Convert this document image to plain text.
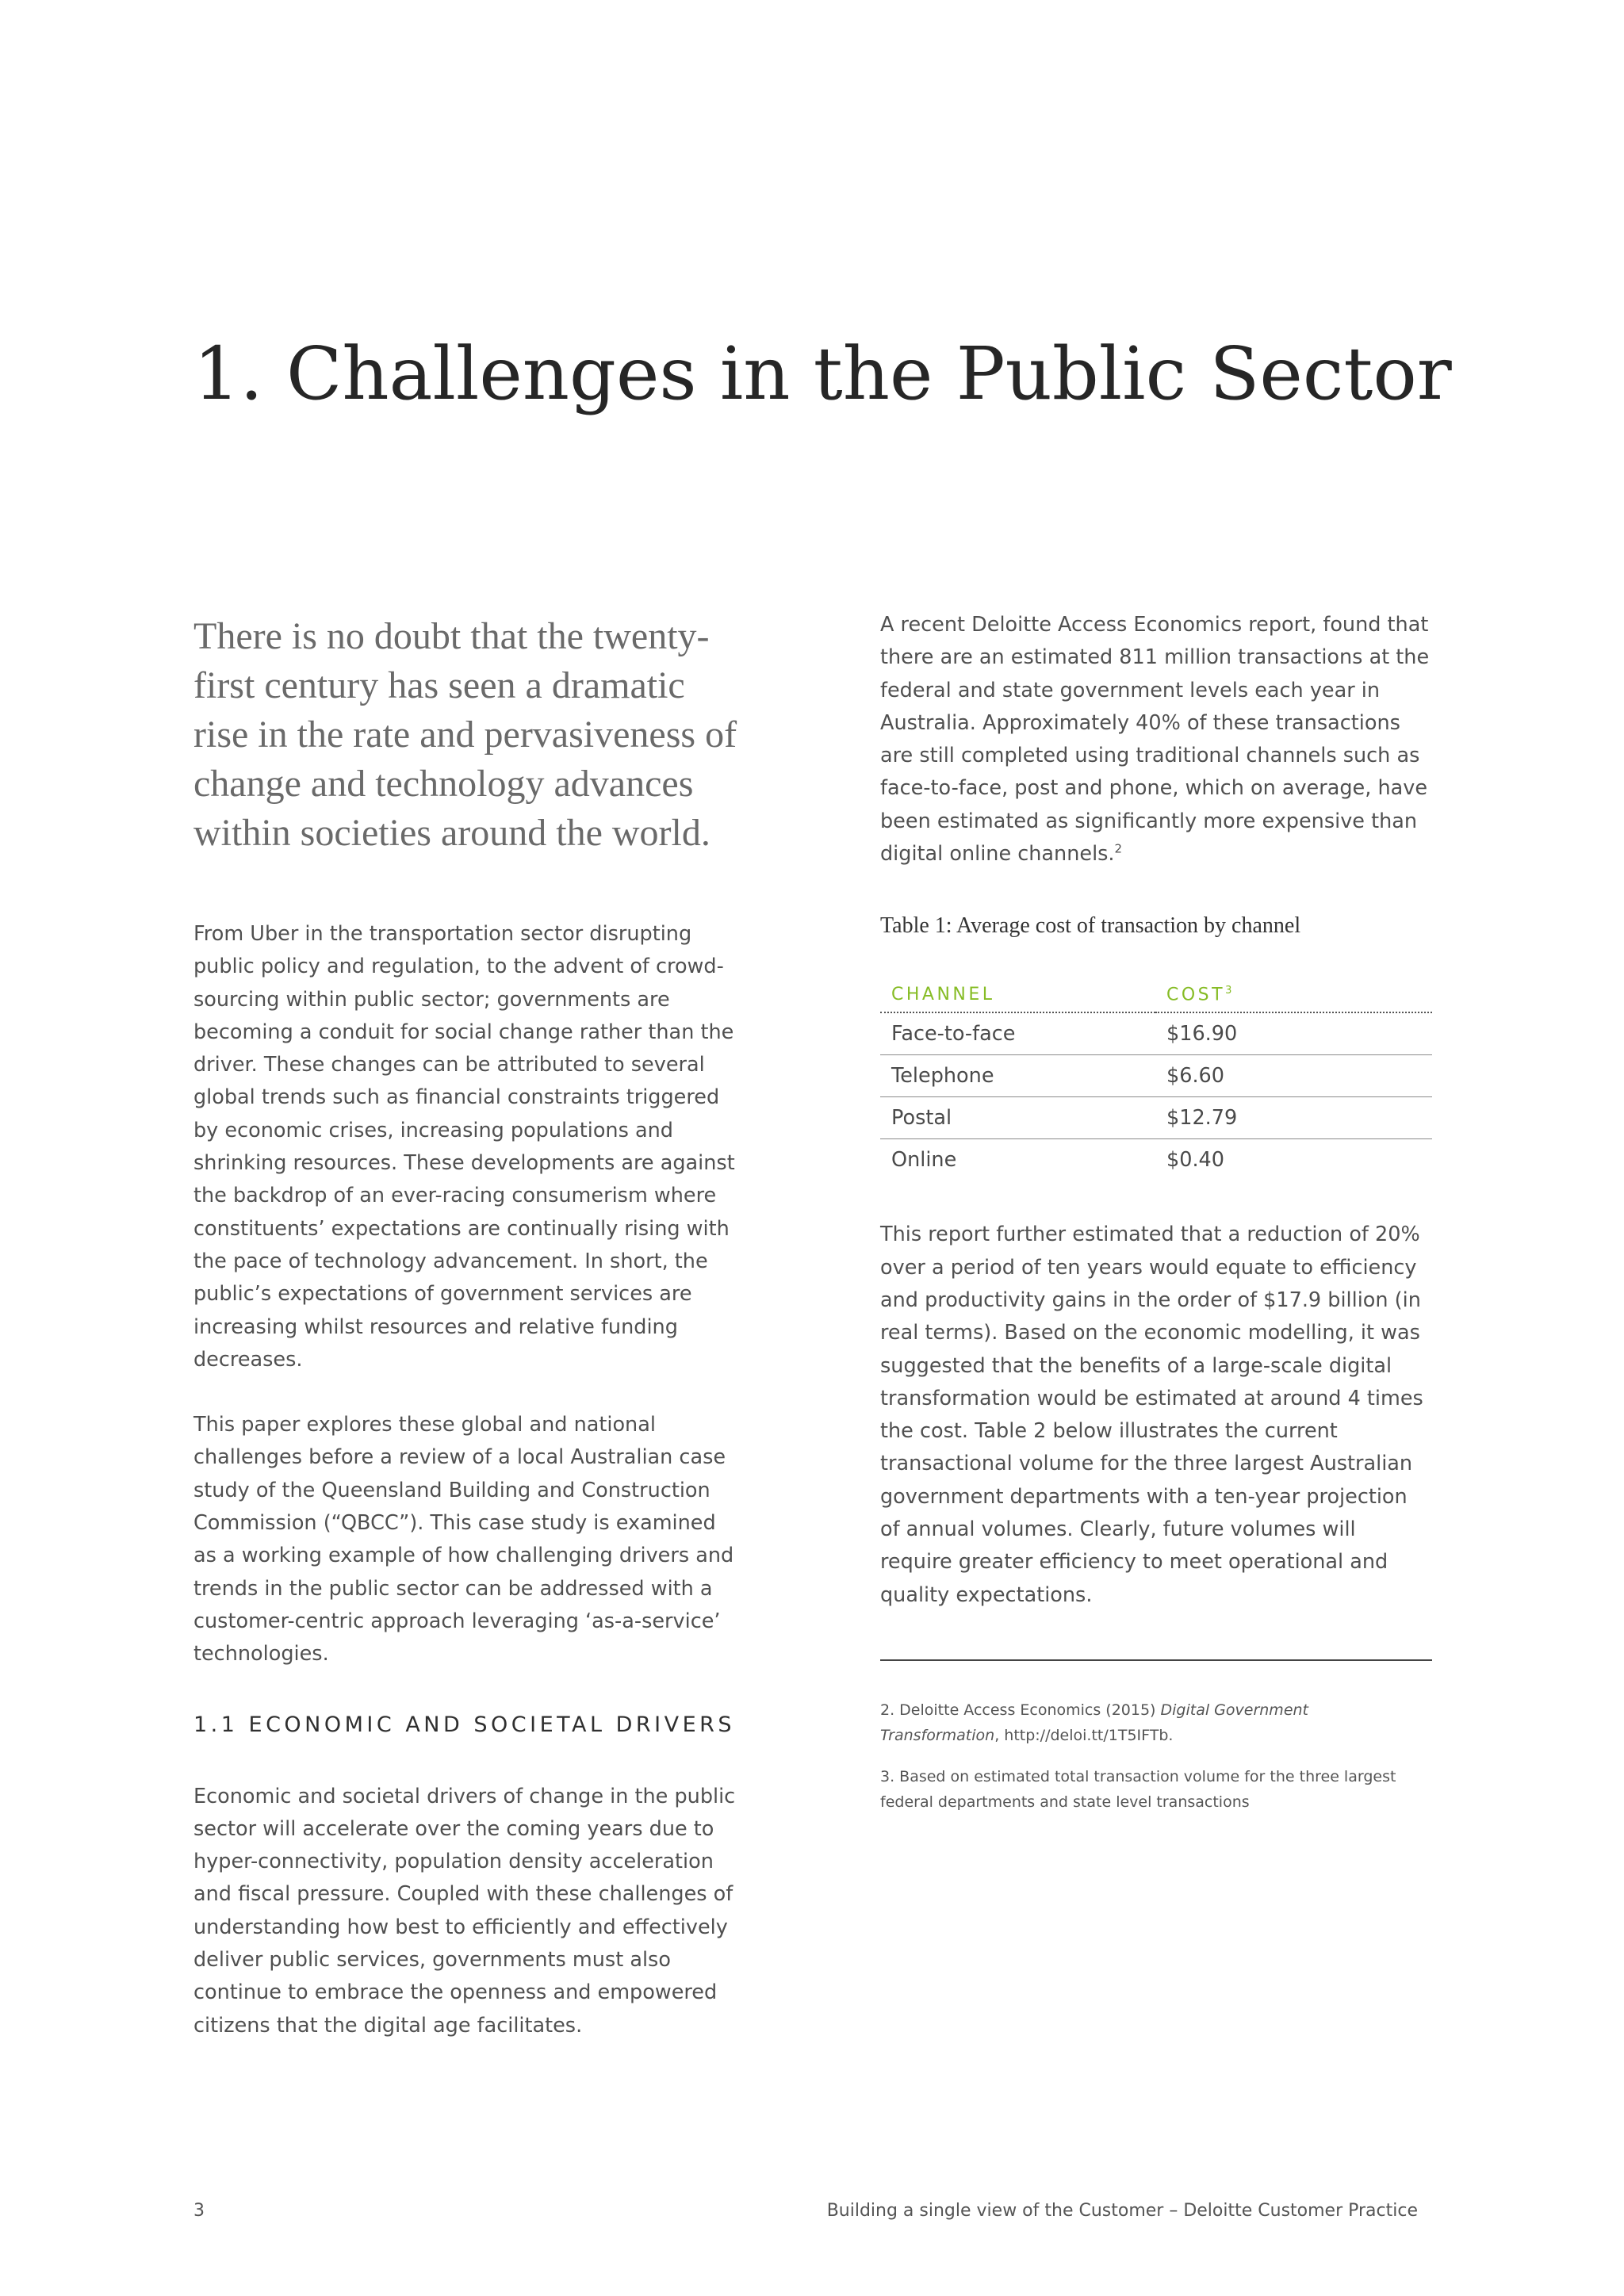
1. Challenges in the Public Sector

There is no doubt that the twenty-first century has seen a dramatic rise in the rate and pervasiveness of change and technology advances within societies around the world.

From Uber in the transportation sector disrupting public policy and regulation, to the advent of crowd-sourcing within public sector; governments are becoming a conduit for social change rather than the driver. These changes can be attributed to several global trends such as financial constraints triggered by economic crises, increasing populations and shrinking resources. These developments are against the backdrop of an ever-racing consumerism where constituents’ expectations are continually rising with the pace of technology advancement. In short, the public’s expectations of government services are increasing whilst resources and relative funding decreases.

This paper explores these global and national challenges before a review of a local Australian case study of the Queensland Building and Construction Commission (“QBCC”). This case study is examined as a working example of how challenging drivers and trends in the public sector can be addressed with a customer-centric approach leveraging ‘as-a-service’ technologies.

1.1 ECONOMIC AND SOCIETAL DRIVERS

Economic and societal drivers of change in the public sector will accelerate over the coming years due to hyper-connectivity, population density acceleration and fiscal pressure. Coupled with these challenges of understanding how best to efficiently and effectively deliver public services, governments must also continue to embrace the openness and empowered citizens that the digital age facilitates.

A recent Deloitte Access Economics report, found that there are an estimated 811 million transactions at the federal and state government levels each year in Australia. Approximately 40% of these transactions are still completed using traditional channels such as face-to-face, post and phone, which on average, have been estimated as significantly more expensive than digital online channels.$^2$

Table 1: Average cost of transaction by channel

CHANNEL	COST$^3$
Face-to-face	$16.90
Telephone	$6.60
Postal	$12.79
Online	$0.40

This report further estimated that a reduction of 20% over a period of ten years would equate to efficiency and productivity gains in the order of $17.9 billion (in real terms). Based on the economic modelling, it was suggested that the benefits of a large-scale digital transformation would be estimated at around 4 times the cost. Table 2 below illustrates the current transactional volume for the three largest Australian government departments with a ten-year projection of annual volumes. Clearly, future volumes will require greater efficiency to meet operational and quality expectations.

2. Deloitte Access Economics (2015) Digital Government Transformation, http://deloi.tt/1T5IFTb.

3. Based on estimated total transaction volume for the three largest federal departments and state level transactions

3	Building a single view of the Customer – Deloitte Customer Practice
